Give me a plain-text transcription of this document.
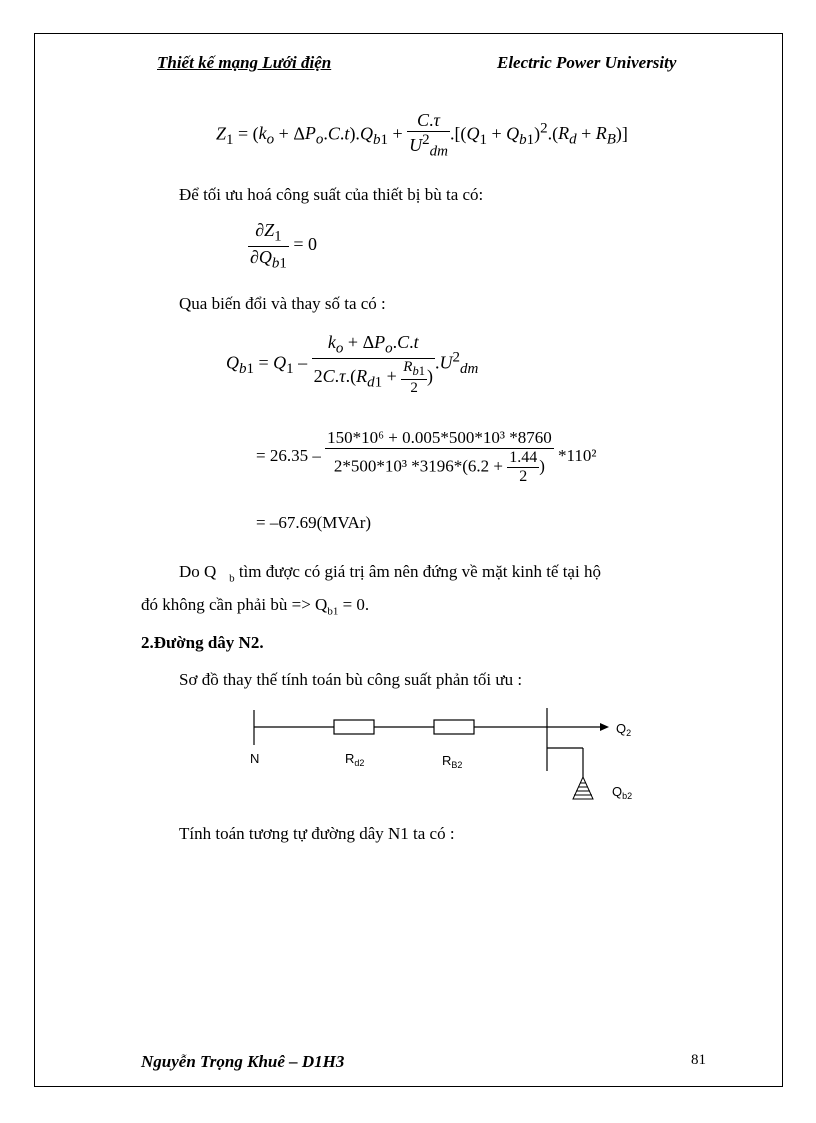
Thiết kế mạng Lưới điện	Electric Power University
$Z_1 = (k_o + \Delta P_o.C.t).Q_{b1} + \frac{C.\tau}{U^2_{dm}} .[(Q_1 + Q_{b1})^2.(R_d + R_B)]$
Để tối ưu hoá công suất của thiết bị bù ta có:
$\frac{\partial Z_1}{\partial Q_{b1}} = 0$
Qua biến đổi và thay số ta có :
$Q_{b1} = Q_1 - \frac{k_o + \Delta P_o.C.t}{2C.\tau.(R_{d1} + \frac{R_{b1}}{2} )} .U^2_{dm}$
= $26.35 - \frac{\text{150*10⁶ + 0.005*500*10³ *8760}}{2*500*10^3 *3196*(6.2 + \frac{1.44}{2} )} *110^2$
= –67.69(MVAr)
Do Q $_b$ tìm được có giá trị âm nên đứng về mặt kinh tế tại hộ
đó không cần phải bù => $Q_{b1} = 0$.
2.Đường dây N2.
Sơ đồ thay thế tính toán bù công suất phản tối ưu :
N	$R_{d2}$	$R_{B2}$
$Q_2$
$Q_{b2}$
Tính toán tương tự đường dây N1 ta có :
Nguyễn Trọng Khuê – D1H3	81
